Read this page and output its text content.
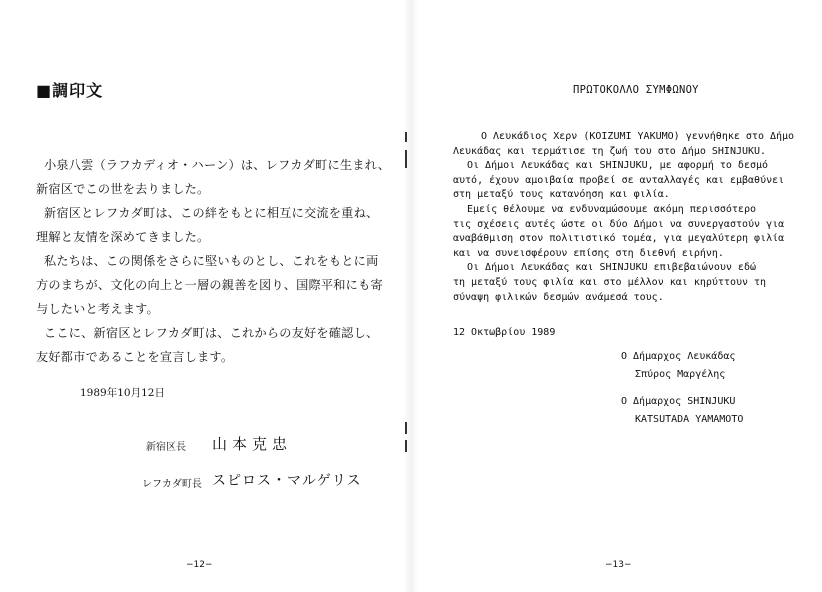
■調印文
小泉八雲（ラフカディオ・ハーン）は、レフカダ町に生まれ、
新宿区でこの世を去りました。
新宿区とレフカダ町は、この絆をもとに相互に交流を重ね、
理解と友情を深めてきました。
私たちは、この関係をさらに堅いものとし、これをもとに両
方のまちが、文化の向上と一層の親善を図り、国際平和にも寄
与したいと考えます。
ここに、新宿区とレフカダ町は、これからの友好を確認し、
友好都市であることを宣言します。
1989年10月12日
新宿区長 山本克忠
レフカダ町長 スピロス・マルゲリス
−12−
ΠΡΩΤΟΚΟΛΛΟ ΣΥΜΦΩΝΟΥ
Ο Λευκάδιος Χερν (KOIZUMI YAKUMO) γεννήθηκε στο Δήμο
Λευκάδας και τερμάτισε τη ζωή του στο Δήμο SHINJUKU.
Οι Δήμοι Λευκάδας και SHINJUKU, με αφορμή το δεσμό
αυτό, έχουν αμοιβαία προβεί σε ανταλλαγές και εμβαθύνει
στη μεταξύ τους κατανόηση και φιλία.
Εμείς θέλουμε να ενδυναμώσουμε ακόμη περισσότερο
τις σχέσεις αυτές ώστε οι δύο Δήμοι να συνεργαστούν για
αναβάθμιση στον πολιτιστικό τομέα, για μεγαλύτερη φιλία
και να συνεισφέρουν επίσης στη διεθνή ειρήνη.
Οι Δήμοι Λευκάδας και SHINJUKU επιβεβαιώνουν εδώ
τη μεταξύ τους φιλία και στο μέλλον και κηρύττουν τη
σύναψη φιλικών δεσμών ανάμεσά τους.
12 Οκτωβρίου 1989
Ο Δήμαρχος Λευκάδας
Σπύρος Μαργέλης
Ο Δήμαρχος SHINJUKU
KATSUTADA YAMAMOTO
−13−
